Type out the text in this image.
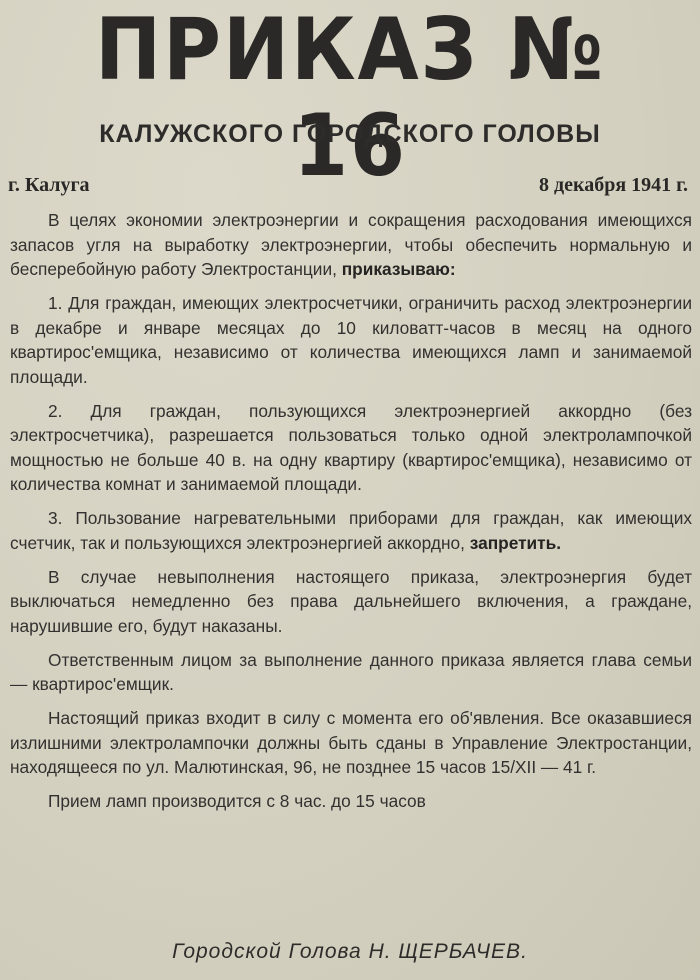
ПРИКАЗ № 16
КАЛУЖСКОГО ГОРОДСКОГО ГОЛОВЫ
г. Калуга	8 декабря 1941 г.

В целях экономии электроэнергии и сокращения расходования имеющихся запасов угля на выработку электроэнергии, чтобы обеспечить нормальную и бесперебойную работу Электростанции, приказываю:

1. Для граждан, имеющих электросчетчики, ограничить расход электроэнергии в декабре и январе месяцах до 10 киловатт-часов в месяц на одного квартирос'емщика, независимо от количества имеющихся ламп и занимаемой площади.

2. Для граждан, пользующихся электроэнергией аккордно (без электросчетчика), разрешается пользоваться только одной электролампочкой мощностью не больше 40 в. на одну квартиру (квартирос'емщика), независимо от количества комнат и занимаемой площади.

3. Пользование нагревательными приборами для граждан, как имеющих счетчик, так и пользующихся электроэнергией аккордно, запретить.

В случае невыполнения настоящего приказа, электроэнергия будет выключаться немедленно без права дальнейшего включения, а граждане, нарушившие его, будут наказаны.

Ответственным лицом за выполнение данного приказа является глава семьи — квартирос'емщик.

Настоящий приказ входит в силу с момента его об'явления. Все оказавшиеся излишними электролампочки должны быть сданы в Управление Электростанции, находящееся по ул. Малютинская, 96, не позднее 15 часов 15/XII — 41 г.

Прием ламп производится с 8 час. до 15 часов

Городской Голова Н. ЩЕРБАЧЕВ.
